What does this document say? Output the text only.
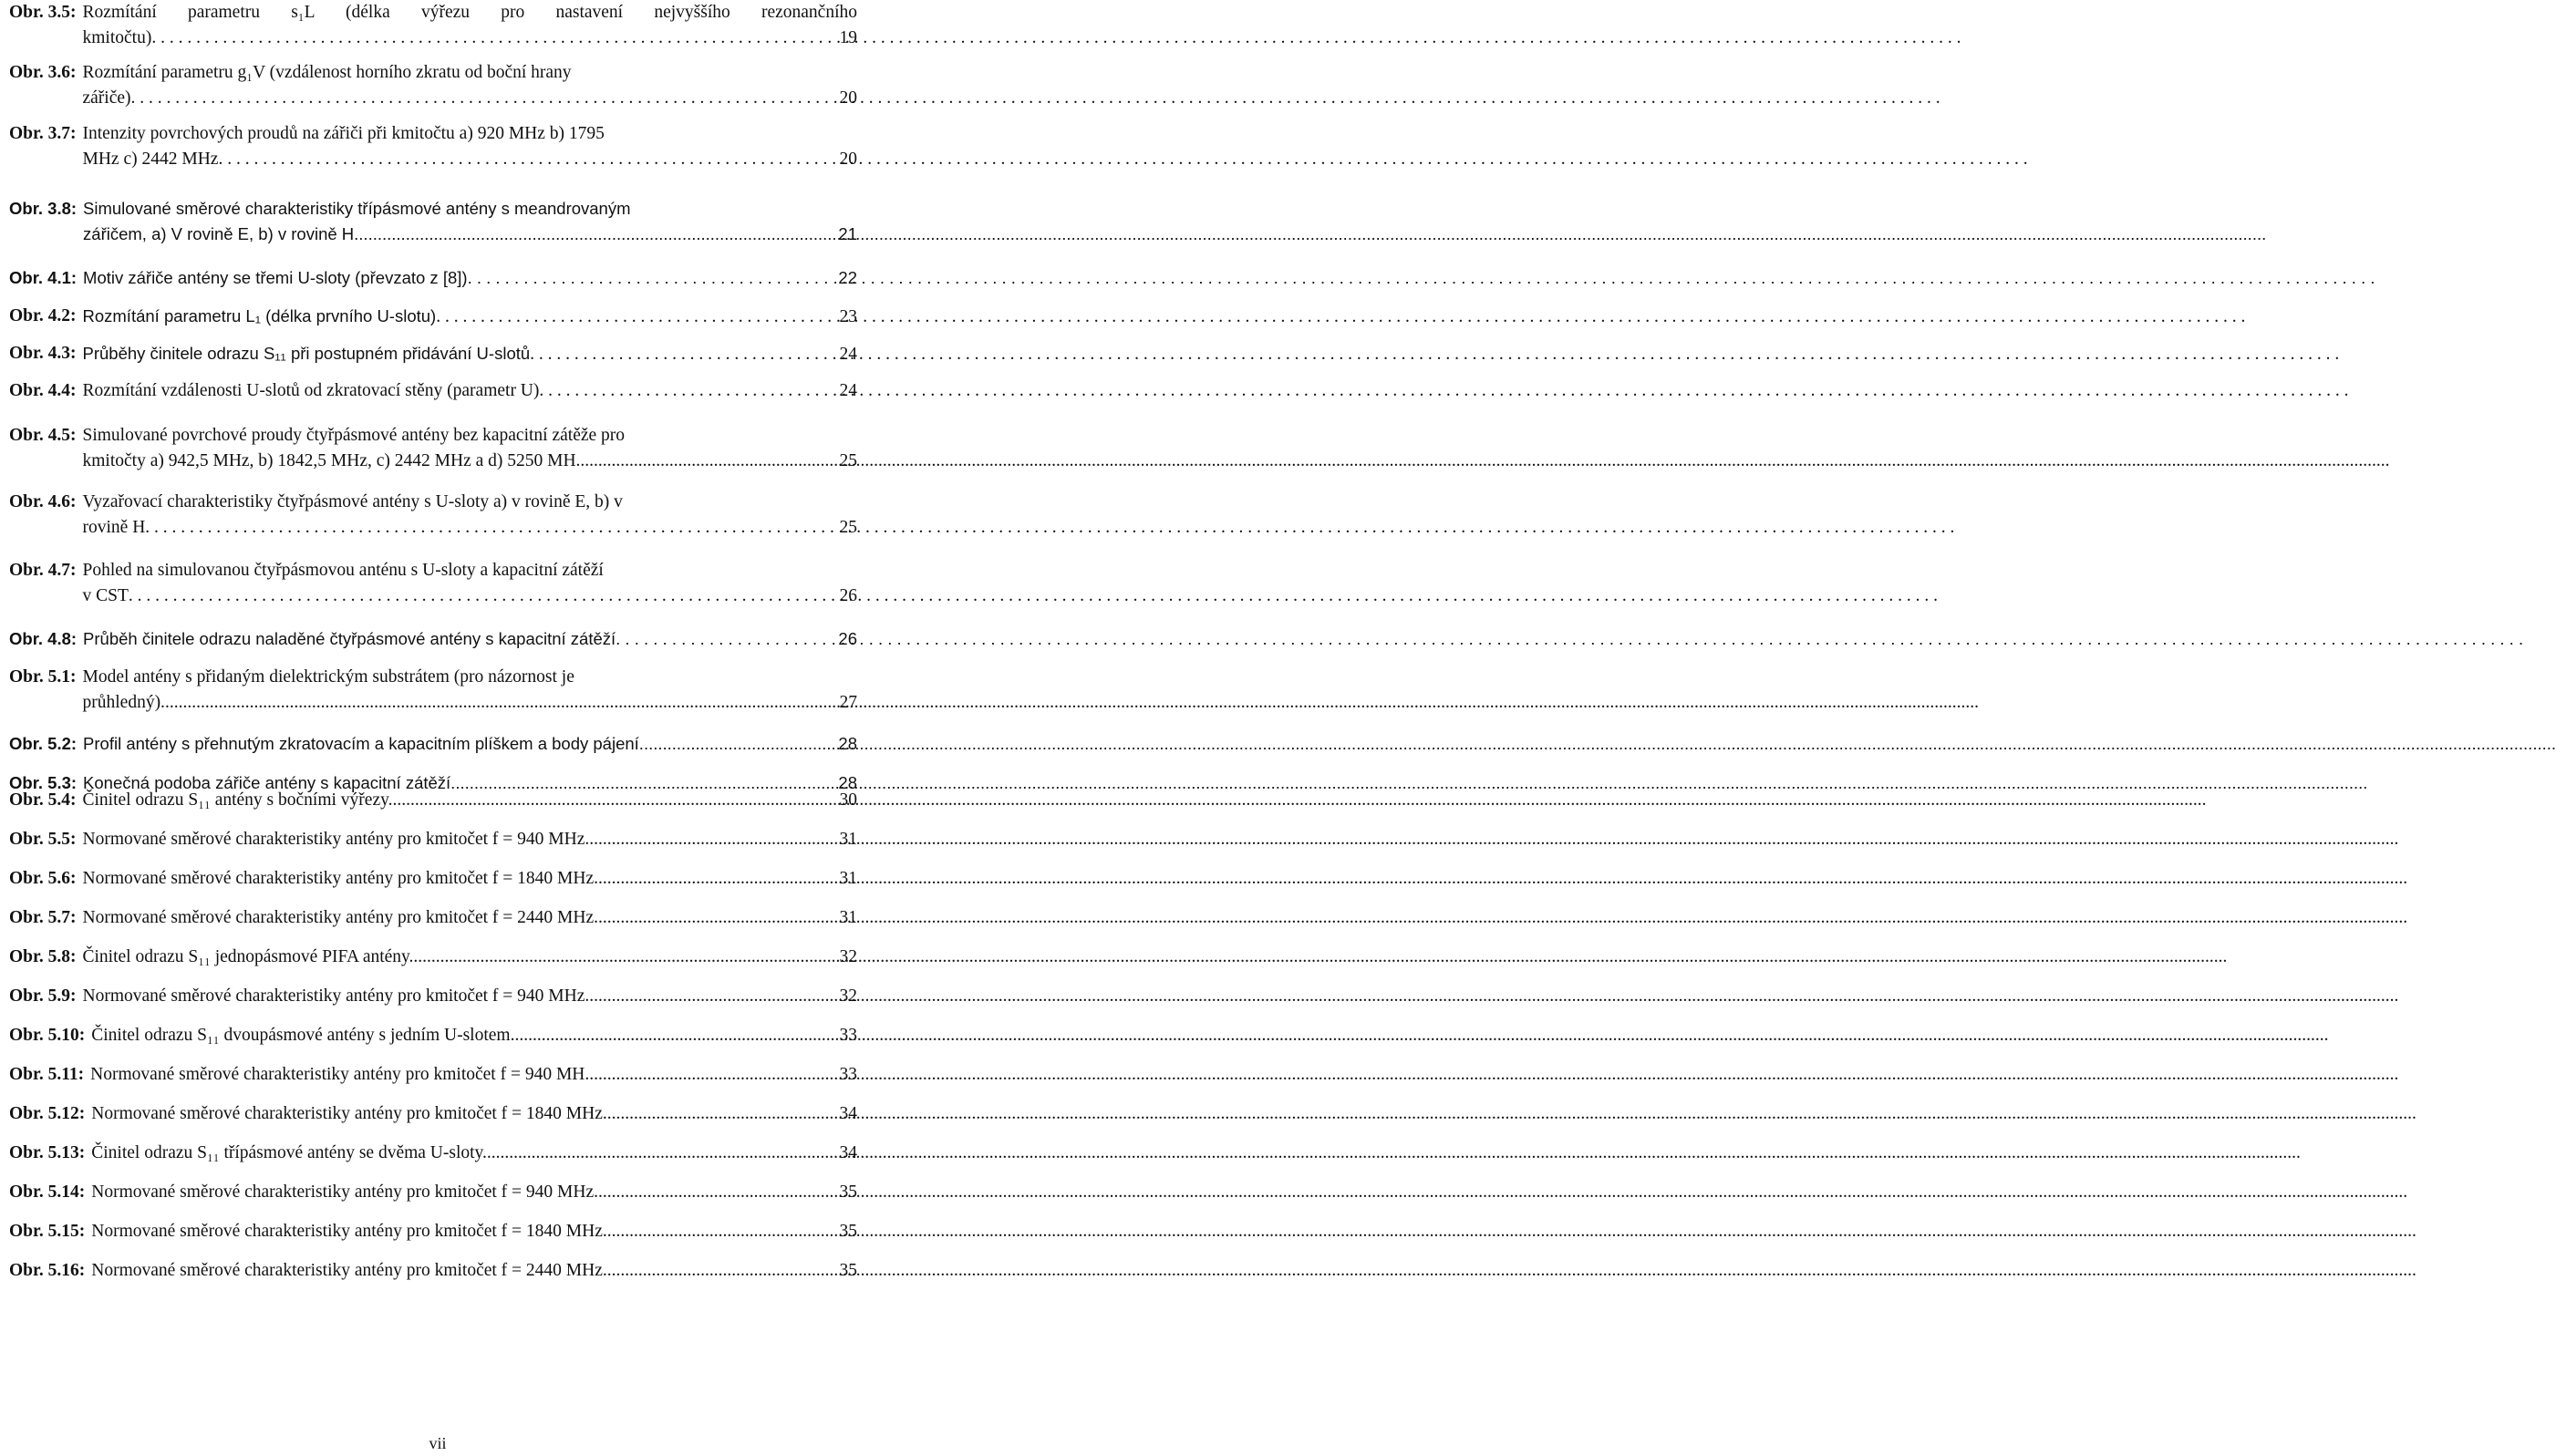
Obr. 3.5: Rozmítání parametru s₁L (délka výřezu pro nastavení nejvyššího rezonančního
kmitočtu) . . .	19
Obr. 3.6: Rozmítání parametru g₁V (vzdálenost horního zkratu od boční hrany
zářiče) . . .	20
Obr. 3.7: Intenzity povrchových proudů na zářiči při kmitočtu a) 920 MHz b) 1795
MHz c) 2442 MHz . . .	20
Obr. 3.8: Simulované směrové charakteristiky třípásmové antény s meandrovaným
zářičem, a) V rovině E, b) v rovině H .....	21
Obr. 4.1: Motiv zářiče antény se třemi U-sloty (převzato z [8]) . . .	22
Obr. 4.2: Rozmítání parametru L₁ (délka prvního U-slotu) . . .	23
Obr. 4.3: Průběhy činitele odrazu S₁₁ při postupném přidávání U-slotů . . .	24
Obr. 4.4: Rozmítání vzdálenosti U-slotů od zkratovací stěny (parametr U) . . .	24
Obr. 4.5: Simulované povrchové proudy čtyřpásmové antény bez kapacitní zátěže pro
kmitočty a) 942,5 MHz, b) 1842,5 MHz, c) 2442 MHz a d) 5250 MH .....	25
Obr. 4.6: Vyzařovací charakteristiky čtyřpásmové antény s U-sloty a) v rovině E, b) v
rovině H . . .	25
Obr. 4.7: Pohled na simulovanou čtyřpásmovou anténu s U-sloty a kapacitní zátěží
v CST . . .	26
Obr. 4.8: Průběh činitele odrazu naladěné čtyřpásmové antény s kapacitní zátěží . . .	26
Obr. 5.1: Model antény s přidaným dielektrickým substrátem (pro názornost je
průhledný). .....	27
Obr. 5.2: Profil antény s přehnutým zkratovacím a kapacitním plíškem a body pájení. .....	28
Obr. 5.3: Konečná podoba zářiče antény s kapacitní zátěží. .....	28
Obr. 5.4: Činitel odrazu S₁₁ antény s bočními výřezy. .....	30
Obr. 5.5: Normované směrové charakteristiky antény pro kmitočet f = 940 MHz .....	31
Obr. 5.6: Normované směrové charakteristiky antény pro kmitočet f = 1840 MHz .....	31
Obr. 5.7: Normované směrové charakteristiky antény pro kmitočet f = 2440 MHz .....	31
Obr. 5.8: Činitel odrazu S₁₁ jednopásmové PIFA antény. .....	32
Obr. 5.9: Normované směrové charakteristiky antény pro kmitočet f = 940 MHz .....	32
Obr. 5.10: Činitel odrazu S₁₁ dvoupásmové antény s jedním U-slotem. .....	33
Obr. 5.11: Normované směrové charakteristiky antény pro kmitočet f = 940 MH .....	33
Obr. 5.12: Normované směrové charakteristiky antény pro kmitočet f = 1840 MHz .....	34
Obr. 5.13: Činitel odrazu S₁₁ třípásmové antény se dvěma U-sloty. .....	34
Obr. 5.14: Normované směrové charakteristiky antény pro kmitočet f = 940 MHz .....	35
Obr. 5.15: Normované směrové charakteristiky antény pro kmitočet f = 1840 MHz .....	35
Obr. 5.16: Normované směrové charakteristiky antény pro kmitočet f = 2440 MHz .....	35
vii
